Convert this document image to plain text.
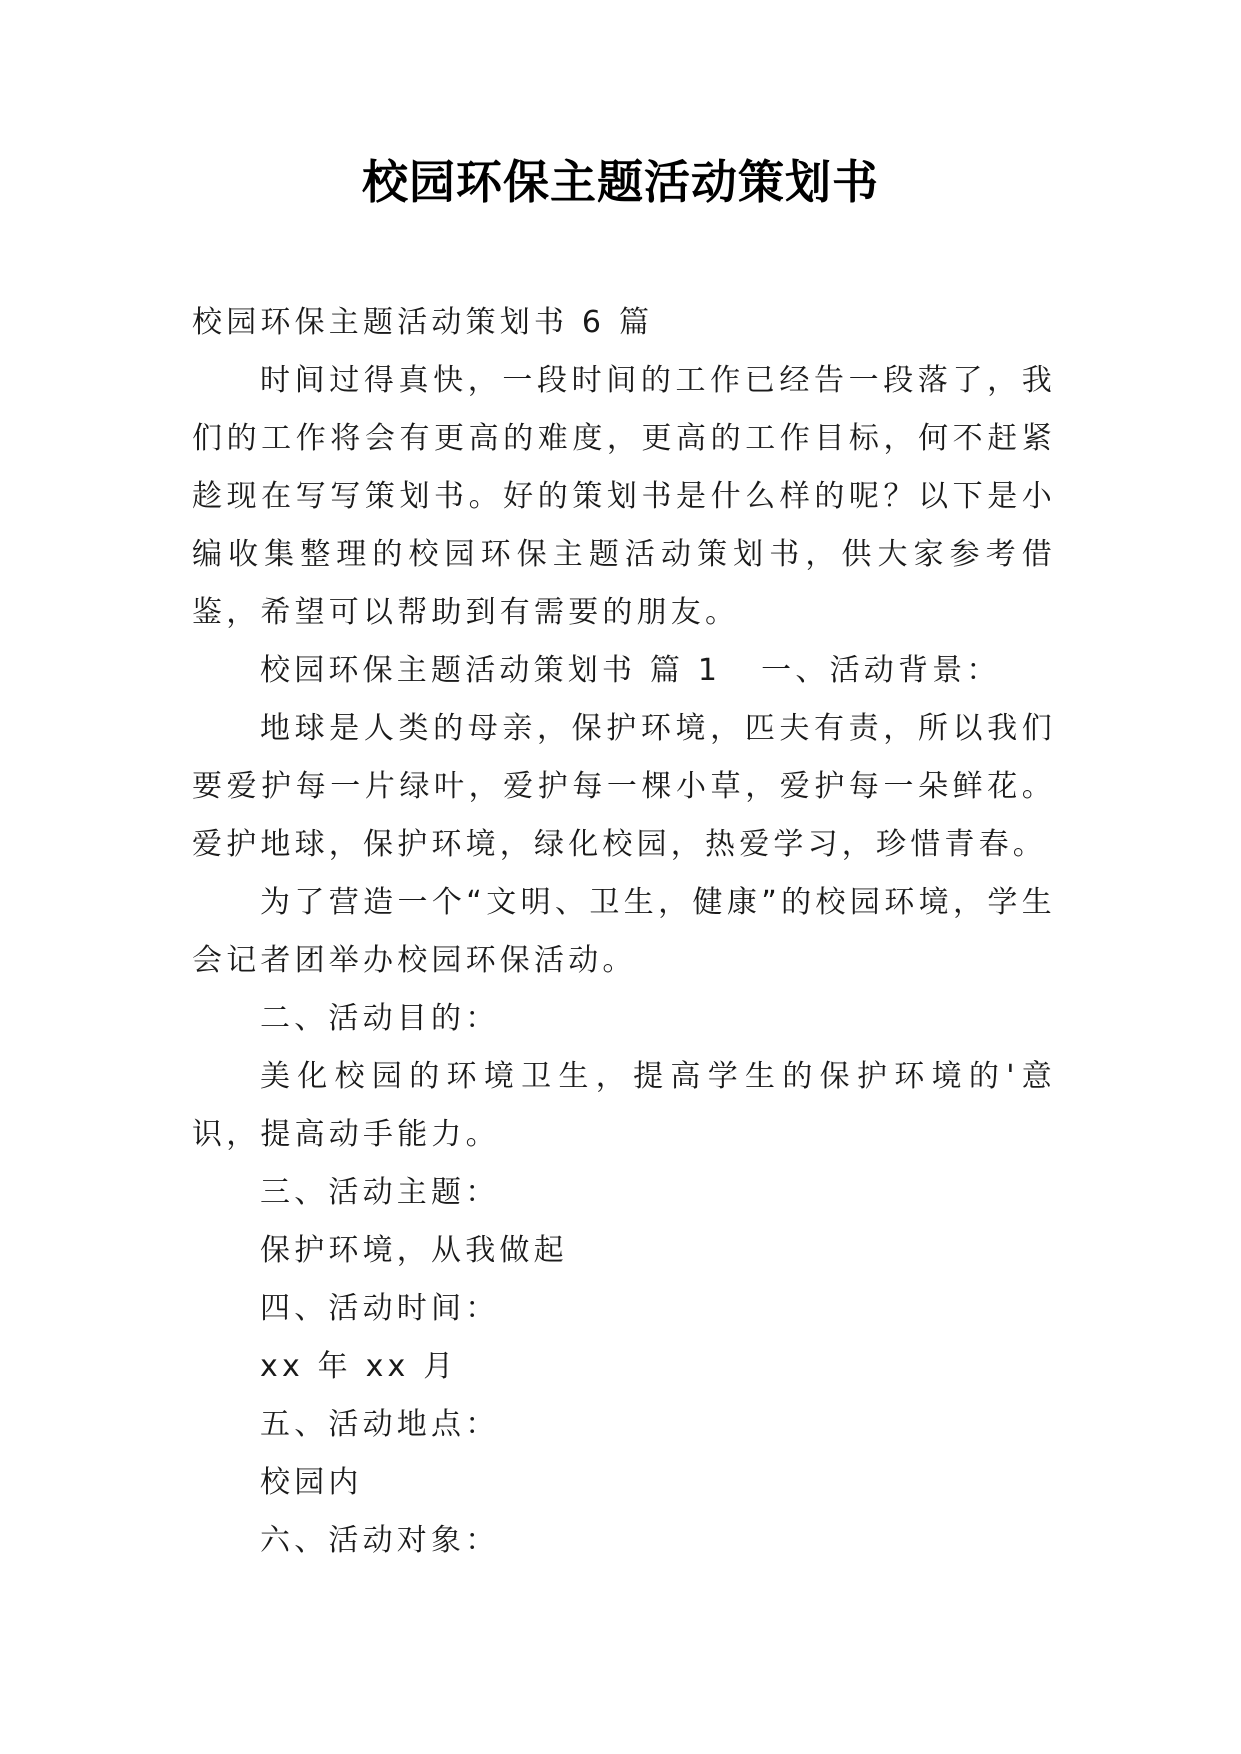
校园环保主题活动策划书

校园环保主题活动策划书 6 篇

时间过得真快，一段时间的工作已经告一段落了，我们的工作将会有更高的难度，更高的工作目标，何不赶紧趁现在写写策划书。好的策划书是什么样的呢？以下是小编收集整理的校园环保主题活动策划书，供大家参考借鉴，希望可以帮助到有需要的朋友。

校园环保主题活动策划书 篇 1 一、活动背景：

地球是人类的母亲，保护环境，匹夫有责，所以我们要爱护每一片绿叶，爱护每一棵小草，爱护每一朵鲜花。爱护地球，保护环境，绿化校园，热爱学习，珍惜青春。

为了营造一个“文明、卫生，健康”的校园环境，学生会记者团举办校园环保活动。

二、活动目的：

美化校园的环境卫生，提高学生的保护环境的'意识，提高动手能力。

三、活动主题：

保护环境，从我做起

四、活动时间：

xx 年 xx 月

五、活动地点：

校园内

六、活动对象：
